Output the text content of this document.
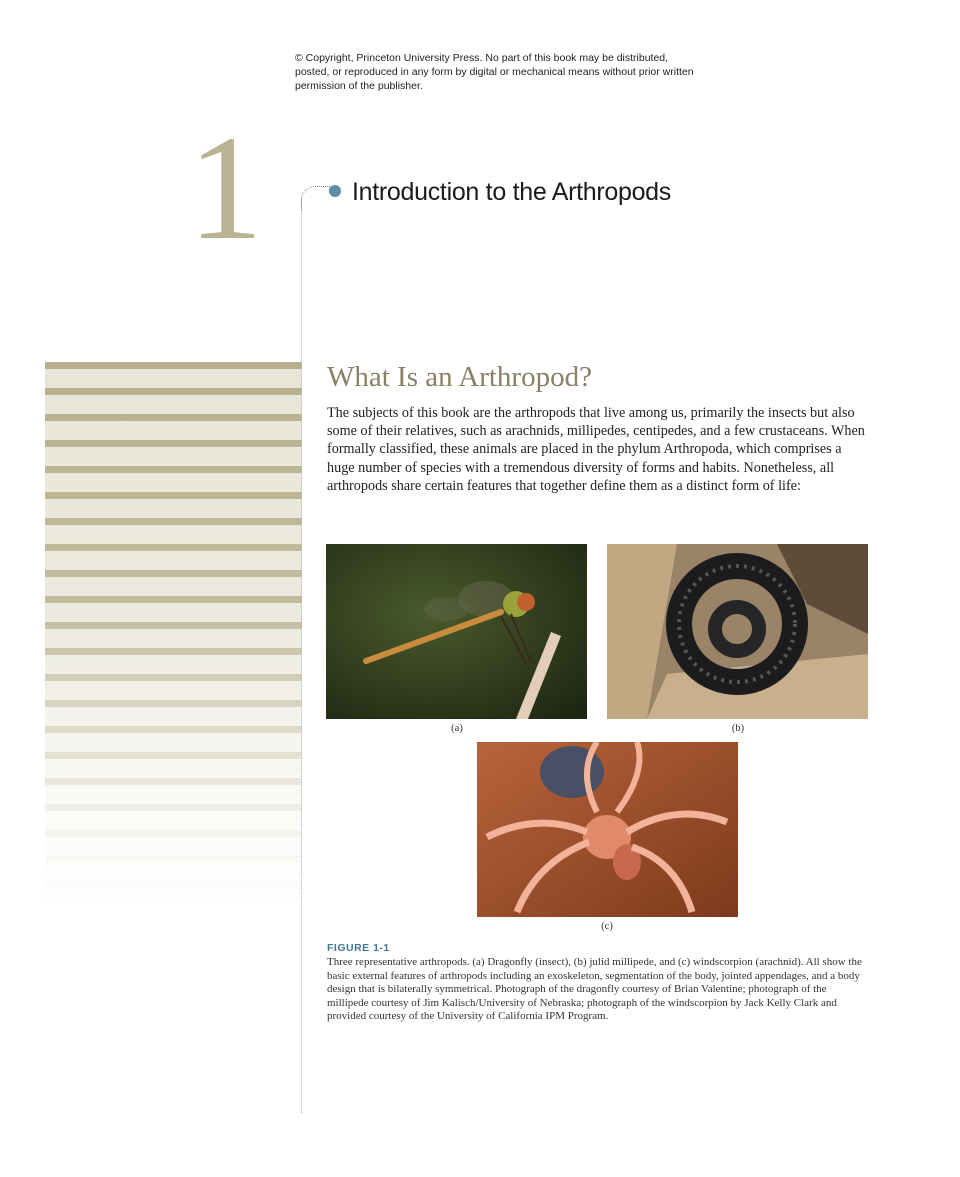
© Copyright, Princeton University Press. No part of this book may be distributed, posted, or reproduced in any form by digital or mechanical means without prior written permission of the publisher.
1	Introduction to the Arthropods
What Is an Arthropod?
The subjects of this book are the arthropods that live among us, primarily the insects but also some of their relatives, such as arachnids, millipedes, centipedes, and a few crustaceans. When formally classified, these animals are placed in the phylum Arthropoda, which comprises a huge number of species with a tremendous diversity of forms and habits. Nonetheless, all arthropods share certain features that together define them as a distinct form of life:
(a)	(b)
(c)
FIGURE 1-1
Three representative arthropods. (a) Dragonfly (insect), (b) julid millipede, and (c) windscorpion (arachnid). All show the basic external features of arthropods including an exoskeleton, segmentation of the body, jointed appendages, and a body design that is bilaterally symmetrical. Photograph of the dragonfly courtesy of Brian Valentine; photograph of the millipede courtesy of Jim Kalisch/University of Nebraska; photograph of the windscorpion by Jack Kelly Clark and provided courtesy of the University of California IPM Program.
